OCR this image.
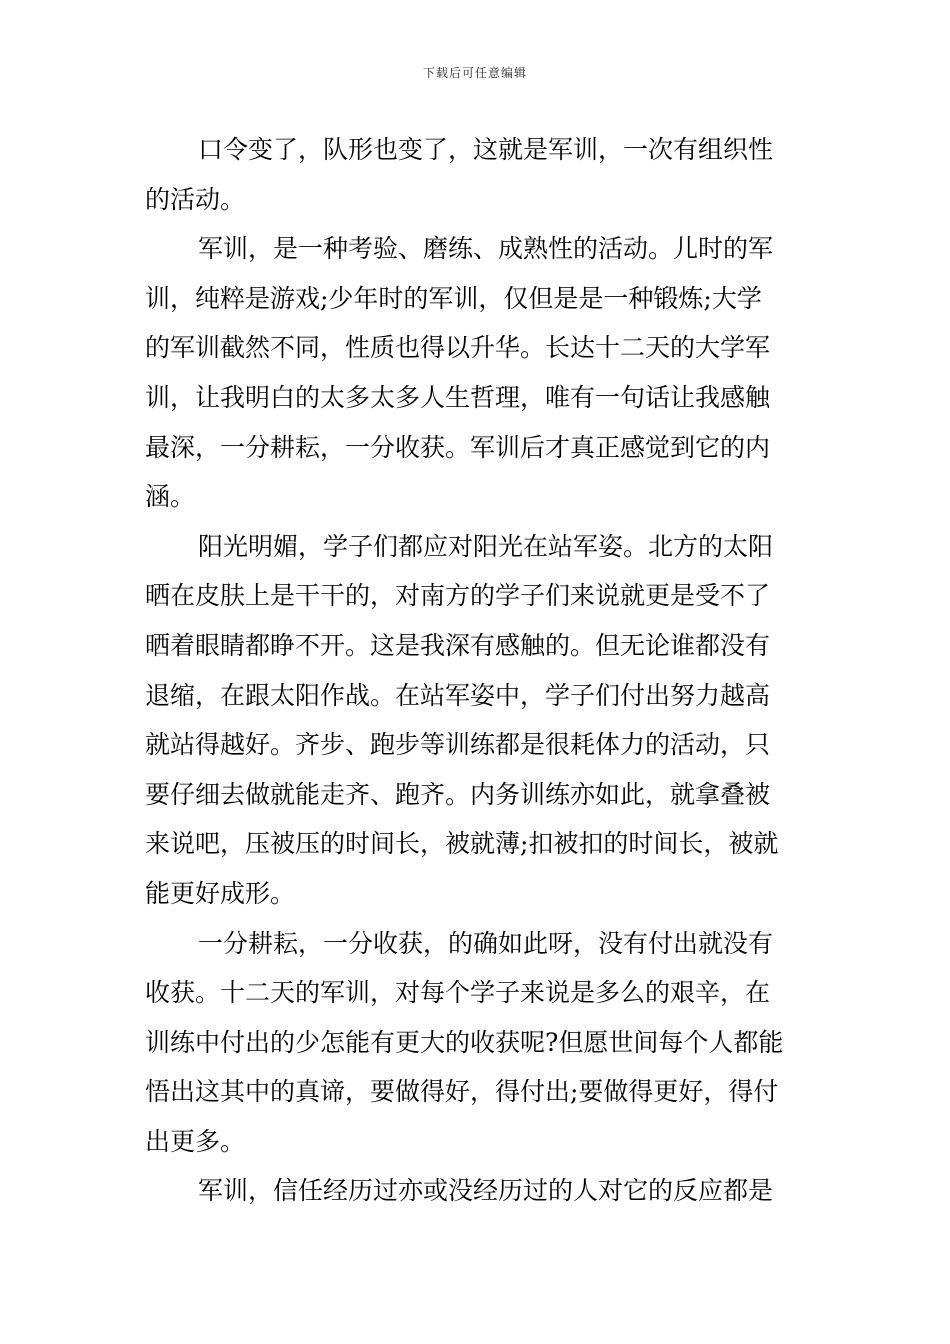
下载后可任意编辑
口令变了，队形也变了，这就是军训，一次有组织性
的活动。
军训，是一种考验、磨练、成熟性的活动。儿时的军
训，纯粹是游戏;少年时的军训，仅但是是一种锻炼;大学
的军训截然不同，性质也得以升华。长达十二天的大学军
训，让我明白的太多太多人生哲理，唯有一句话让我感触
最深，一分耕耘，一分收获。军训后才真正感觉到它的内
涵。
阳光明媚，学子们都应对阳光在站军姿。北方的太阳
晒在皮肤上是干干的，对南方的学子们来说就更是受不了
晒着眼睛都睁不开。这是我深有感触的。但无论谁都没有
退缩，在跟太阳作战。在站军姿中，学子们付出努力越高
就站得越好。齐步、跑步等训练都是很耗体力的活动，只
要仔细去做就能走齐、跑齐。内务训练亦如此，就拿叠被
来说吧，压被压的时间长，被就薄;扣被扣的时间长，被就
能更好成形。
一分耕耘，一分收获，的确如此呀，没有付出就没有
收获。十二天的军训，对每个学子来说是多么的艰辛，在
训练中付出的少怎能有更大的收获呢?但愿世间每个人都能
悟出这其中的真谛，要做得好，得付出;要做得更好，得付
出更多。
军训，信任经历过亦或没经历过的人对它的反应都是
